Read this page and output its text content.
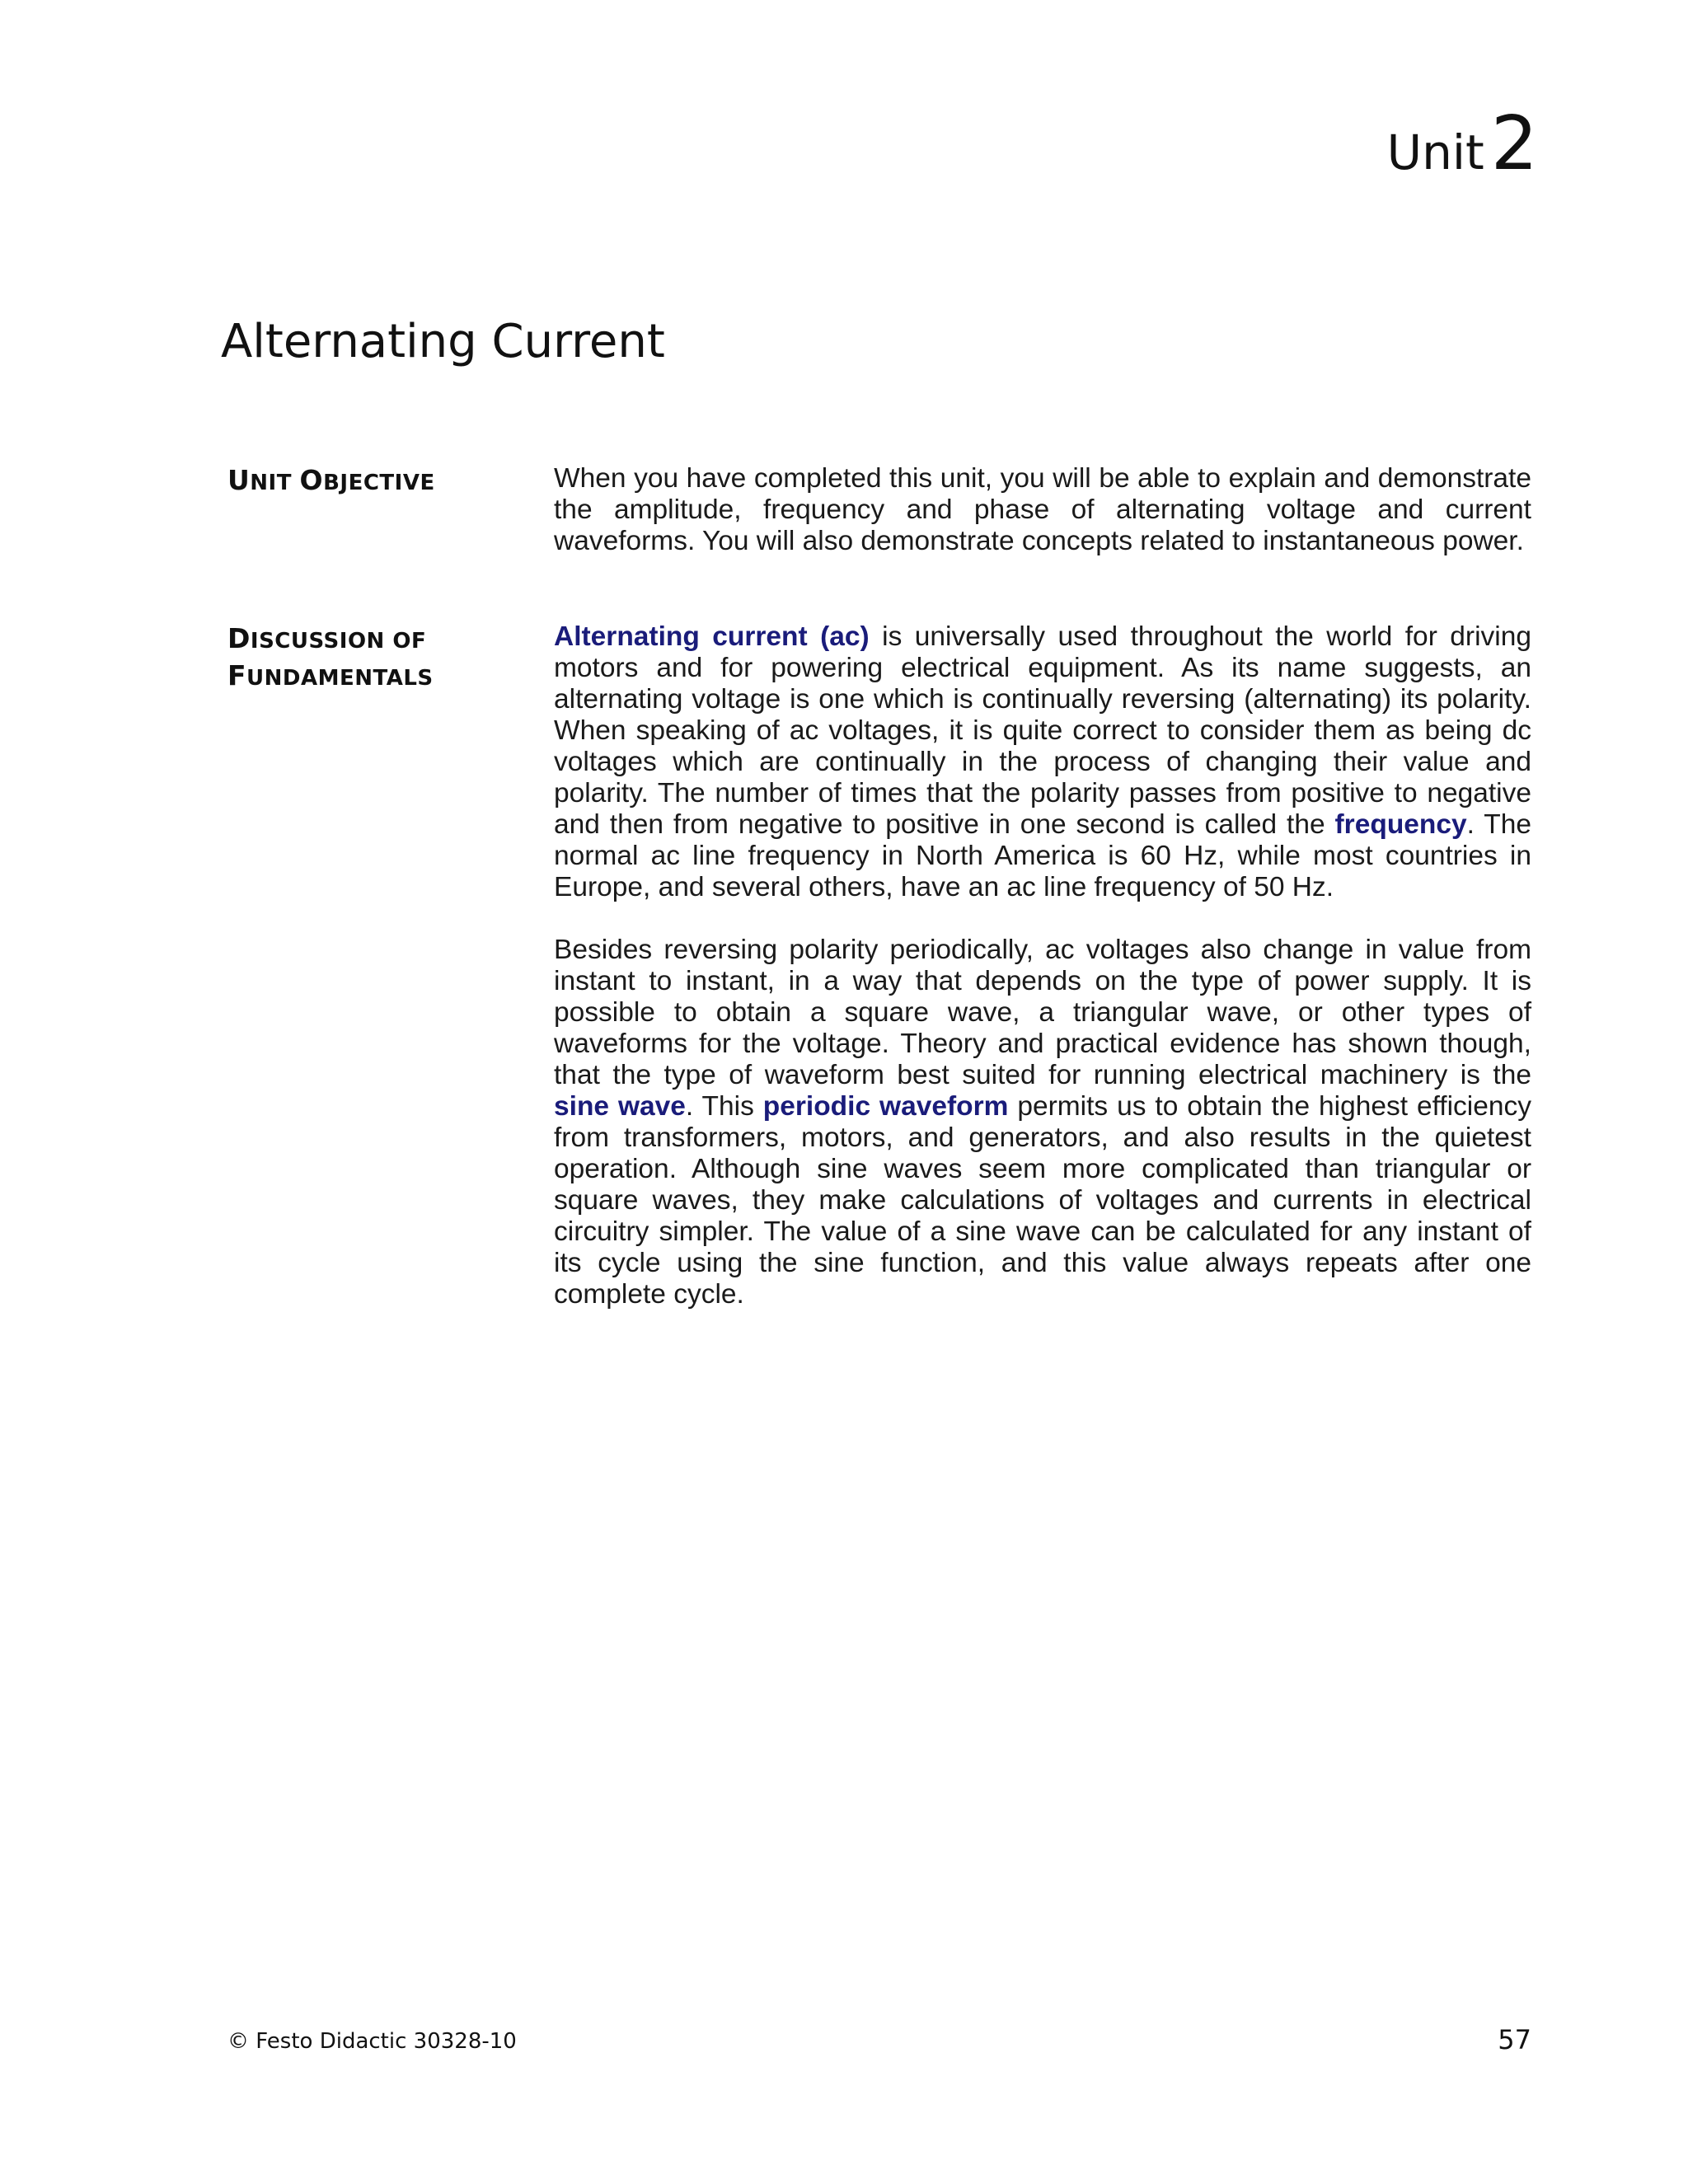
Unit2
Alternating Current
UNIT OBJECTIVE	When you have completed this unit, you will be able to explain and demonstrate the amplitude, frequency and phase of alternating voltage and current waveforms. You will also demonstrate concepts related to instantaneous power.

DISCUSSION OF
FUNDAMENTALS

Alternating current (ac) is universally used throughout the world for driving motors and for powering electrical equipment. As its name suggests, an alternating voltage is one which is continually reversing (alternating) its polarity. When speaking of ac voltages, it is quite correct to consider them as being dc voltages which are continually in the process of changing their value and polarity. The number of times that the polarity passes from positive to negative and then from negative to positive in one second is called the frequency. The normal ac line frequency in North America is 60 Hz, while most countries in Europe, and several others, have an ac line frequency of 50 Hz.

Besides reversing polarity periodically, ac voltages also change in value from instant to instant, in a way that depends on the type of power supply. It is possible to obtain a square wave, a triangular wave, or other types of waveforms for the voltage. Theory and practical evidence has shown though, that the type of waveform best suited for running electrical machinery is the sine wave. This periodic waveform permits us to obtain the highest efficiency from transformers, motors, and generators, and also results in the quietest operation. Although sine waves seem more complicated than triangular or square waves, they make calculations of voltages and currents in electrical circuitry simpler. The value of a sine wave can be calculated for any instant of its cycle using the sine function, and this value always repeats after one complete cycle.

© Festo Didactic 30328-10	57
